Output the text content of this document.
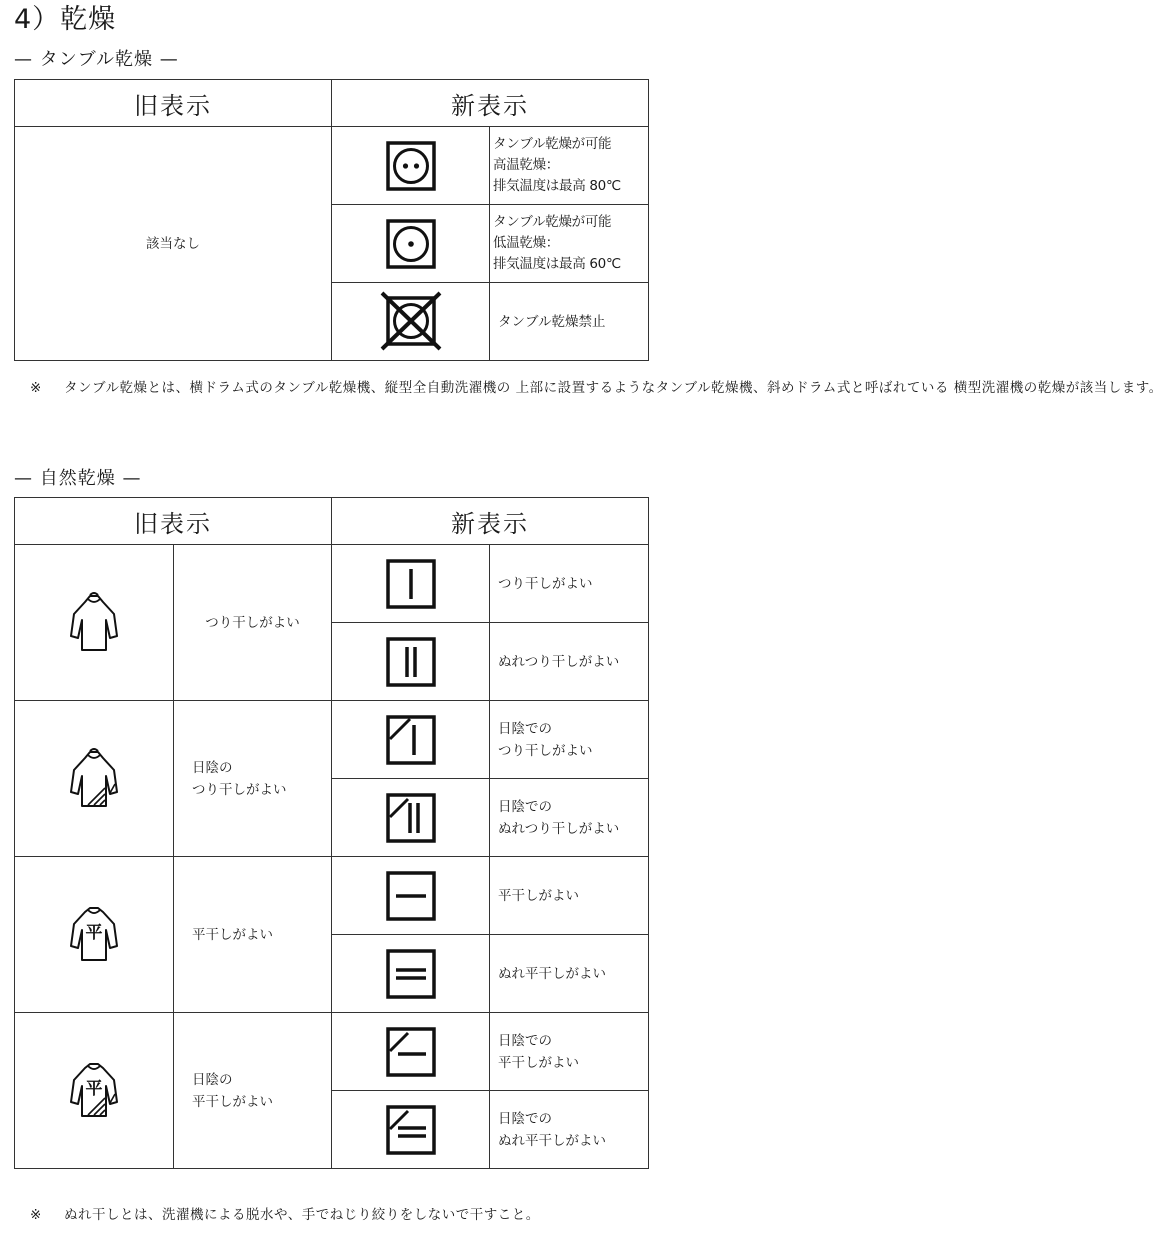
4）乾燥
— タンブル乾燥 —
旧表示	新表示	
該当なし		タンブル乾燥が可能
高温乾燥：
排気温度は最高 80℃

	タンブル乾燥が可能
低温乾燥：
排気温度は最高 60℃

	タンブル乾燥禁止
※ タンブル乾燥とは、横ドラム式のタンブル乾燥機、縦型全自動洗濯機の 上部に設置するようなタンブル乾燥機、斜めドラム式と呼ばれている 横型洗濯機の乾燥が該当します。
— 自然乾燥 —
旧表示		新表示	

	つり干しがよい		つり干しがよい

	ぬれつり干しがよい

	日陰の
つり干しがよい		日陰での
つり干しがよい

	日陰での
ぬれつり干しがよい

平	平干しがよい		平干しがよい

	ぬれ平干しがよい

平	日陰の
平干しがよい		日陰での
平干しがよい

	日陰での
ぬれ平干しがよい
※ ぬれ干しとは、洗濯機による脱水や、手でねじり絞りをしないで干すこと。
